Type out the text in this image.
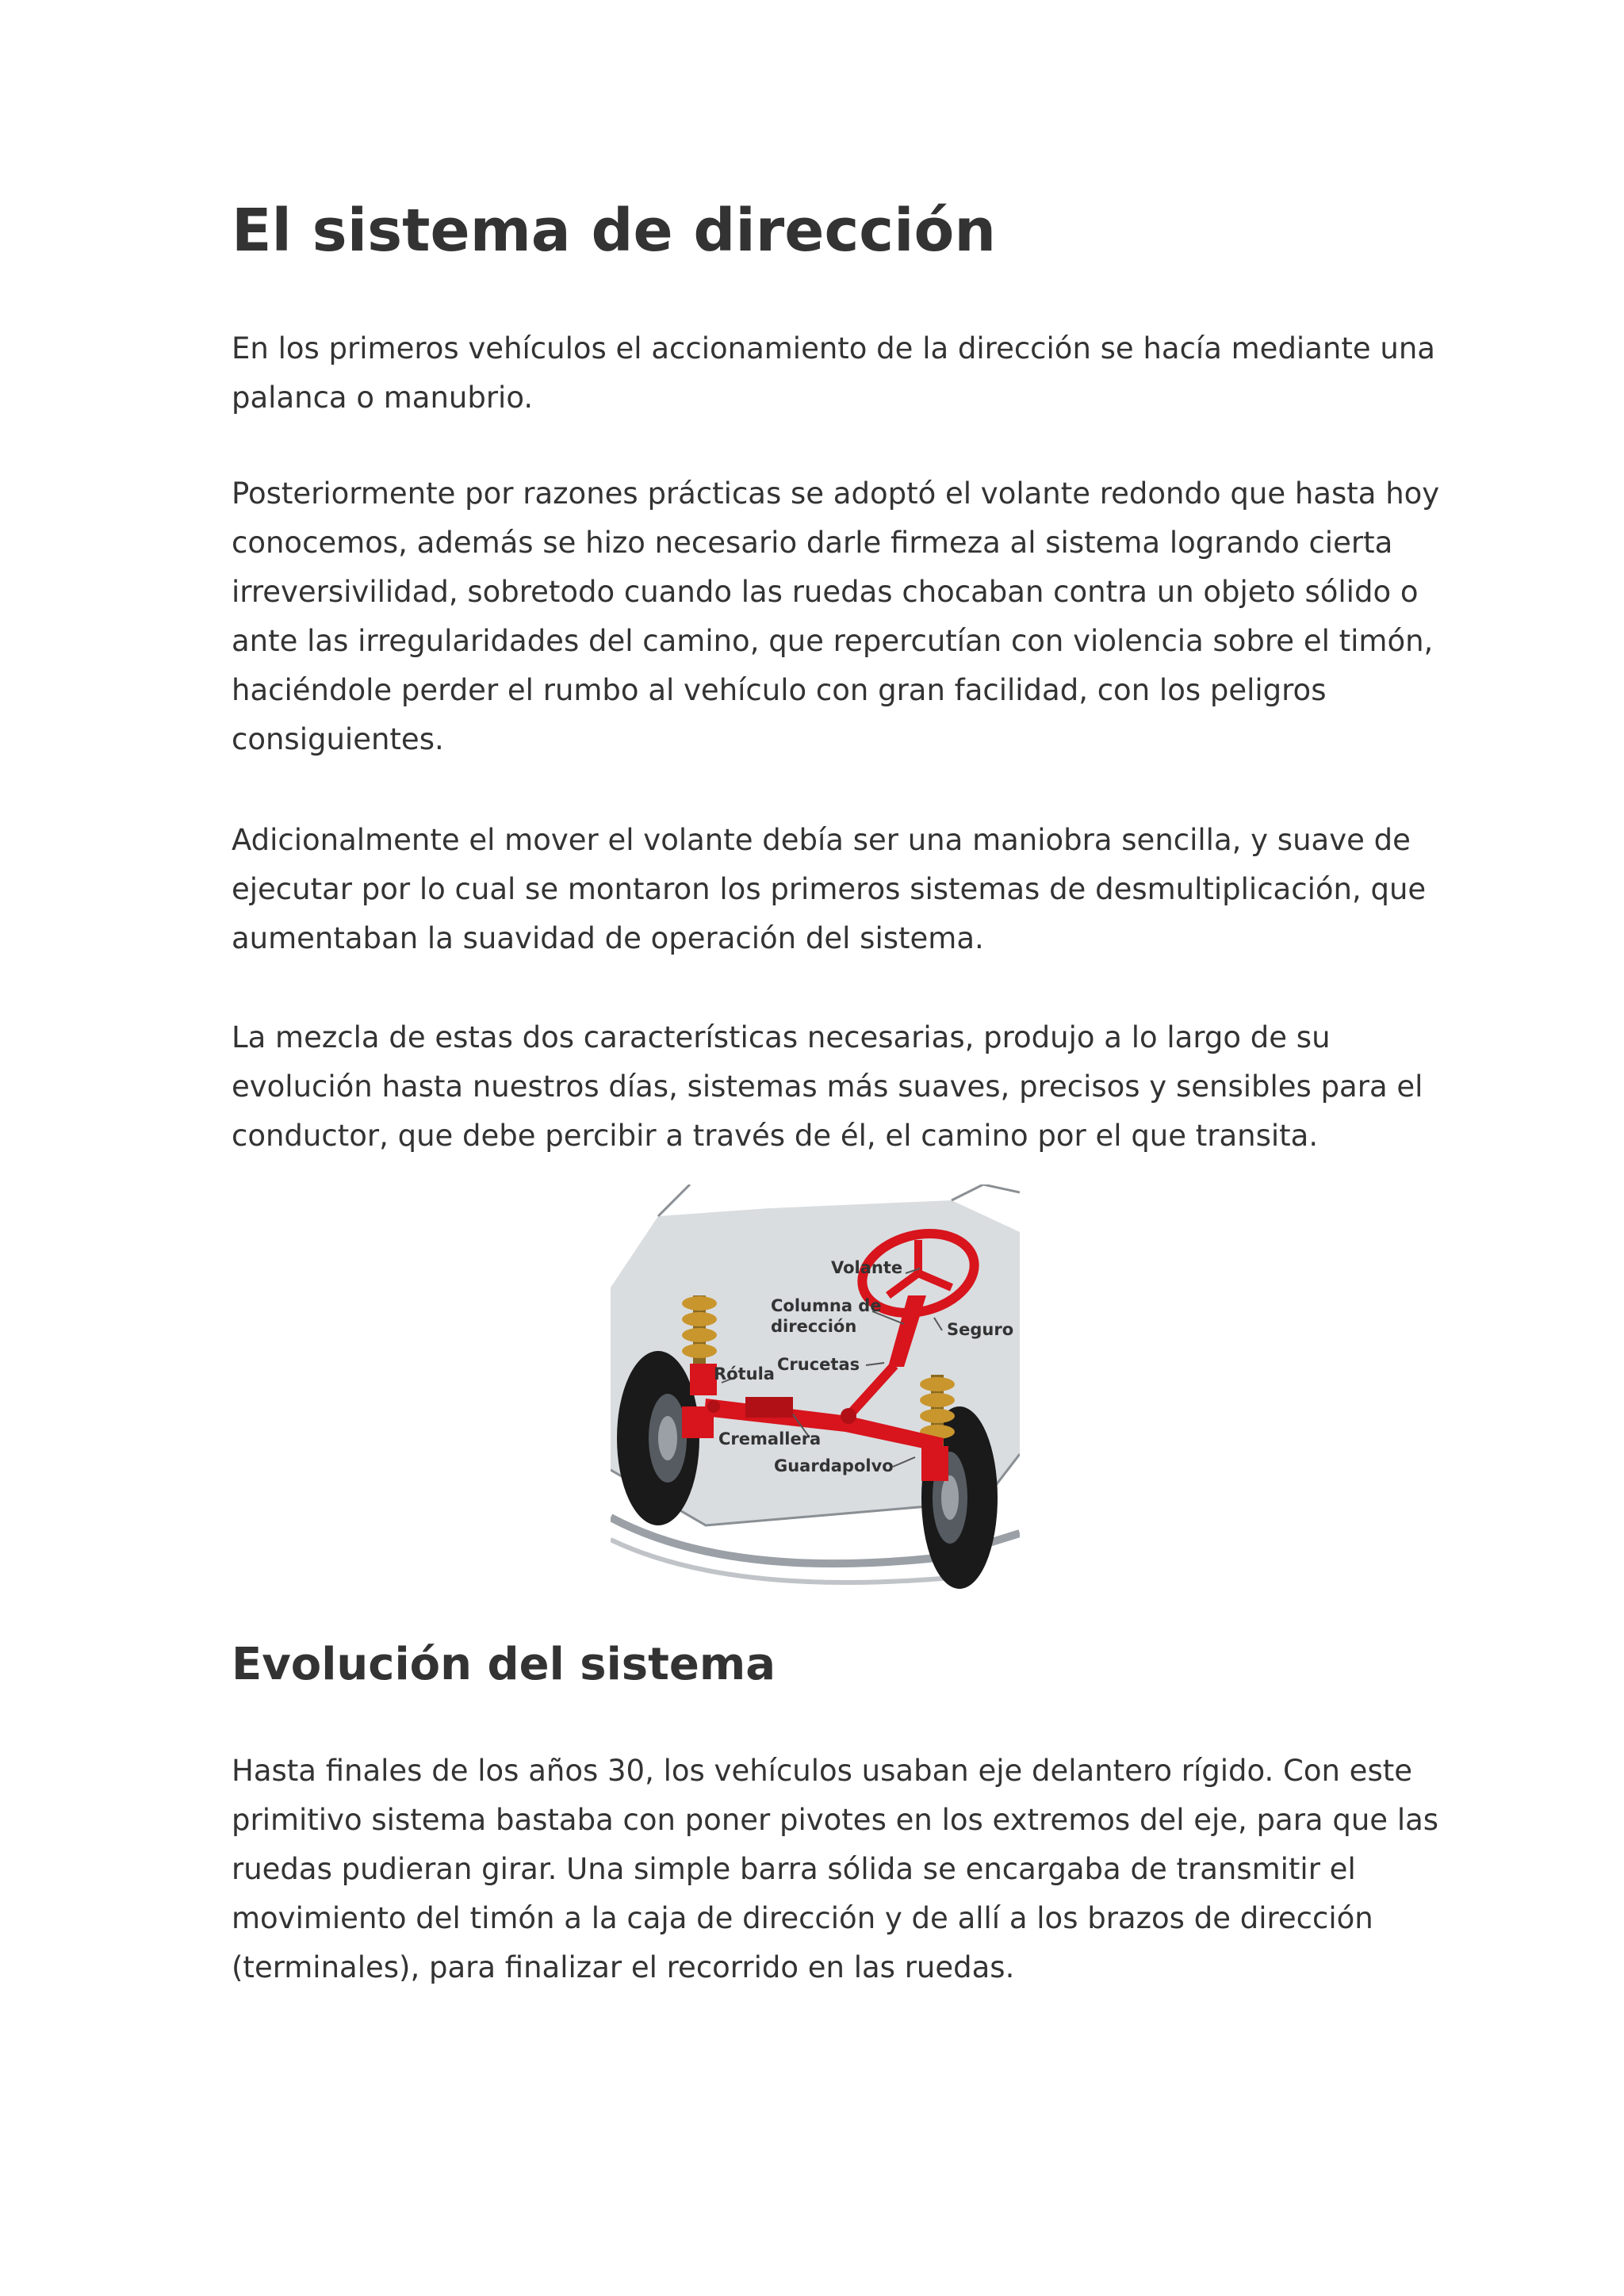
El sistema de dirección

En los primeros vehículos el accionamiento de la dirección se hacía mediante una
palanca o manubrio.

Posteriormente por razones prácticas se adoptó el volante redondo que hasta hoy
conocemos, además se hizo necesario darle firmeza al sistema logrando cierta
irreversivilidad, sobretodo cuando las ruedas chocaban contra un objeto sólido o
ante las irregularidades del camino, que repercutían con violencia sobre el timón,
haciéndole perder el rumbo al vehículo con gran facilidad, con los peligros
consiguientes.

Adicionalmente el mover el volante debía ser una maniobra sencilla, y suave de
ejecutar por lo cual se montaron los primeros sistemas de desmultiplicación, que
aumentaban la suavidad de operación del sistema.

La mezcla de estas dos características necesarias, produjo a lo largo de su
evolución hasta nuestros días, sistemas más suaves, precisos y sensibles para el
conductor, que debe percibir a través de él, el camino por el que transita.

Volante
Columna de
dirección	Seguro
Crucetas
Rótula
Cremallera
Guardapolvo
Evolución del sistema

Hasta finales de los años 30, los vehículos usaban eje delantero rígido. Con este
primitivo sistema bastaba con poner pivotes en los extremos del eje, para que las
ruedas pudieran girar. Una simple barra sólida se encargaba de transmitir el
movimiento del timón a la caja de dirección y de allí a los brazos de dirección
(terminales), para finalizar el recorrido en las ruedas.
